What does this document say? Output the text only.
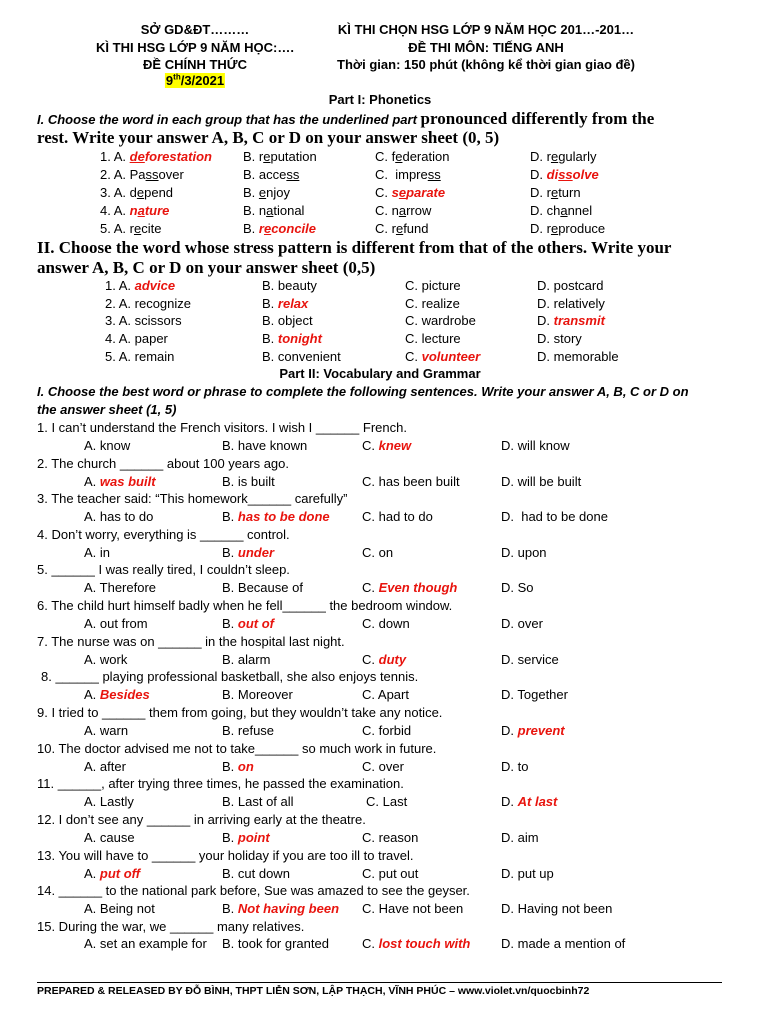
SỞ GD&ĐT………
KÌ THI HSG LỚP 9 NĂM HỌC:….
ĐỀ CHÍNH THỨC
9th/3/2021
KÌ THI CHỌN HSG LỚP 9 NĂM HỌC 201…-201…
ĐỀ THI MÔN: TIẾNG ANH
Thời gian: 150 phút (không kể thời gian giao đề)
Part I: Phonetics
I. Choose the word in each group that has the underlined part pronounced differently from the
rest. Write your answer A, B, C or D on your answer sheet (0, 5)
1. A. deforestation B. reputation	C. federation	D. regularly
2. A. Passover	B. access	C.  impress	D. dissolve
3. A. depend	B. enjoy	C. separate	D. return
4. A. nature	B. national	C. narrow	D. channel
5. A. recite	B. reconcile	C. refund	D. reproduce
II. Choose the word whose stress pattern is different from that of the others. Write your
answer A, B, C or D on your answer sheet (0,5)
1. A. advice	B. beauty	C. picture	D. postcard
2. A. recognize	B. relax	C. realize	D. relatively
3. A. scissors	B. object	C. wardrobe	D. transmit
4. A. paper	B. tonight	C. lecture	D. story
5. A. remain	B. convenient	C. volunteer	D. memorable
Part II: Vocabulary and Grammar
I. Choose the best word or phrase to complete the following sentences. Write your answer A, B, C or D on
the answer sheet (1, 5)
1. I can’t understand the French visitors. I wish I ______ French.
A. know	B. have known	C. knew	D. will know
2. The church ______ about 100 years ago.
A. was built	B. is built	C. has been built	D. will be built
3. The teacher said: “This homework______ carefully”
A. has to do	B. has to be done C. had to do	D.  had to be done
4. Don’t worry, everything is ______ control.
A. in	B. under	C. on	D. upon
5. ______ I was really tired, I couldn’t sleep.
A. Therefore	B. Because of	C. Even though	D. So
6. The child hurt himself badly when he fell______ the bedroom window.
A. out from	B. out of	C. down	D. over
7. The nurse was on ______ in the hospital last night.
A. work	B. alarm	C. duty	D. service
8. ______ playing professional basketball, she also enjoys tennis.
A. Besides	B. Moreover	C. Apart	D. Together
9. I tried to ______ them from going, but they wouldn’t take any notice.
A. warn	B. refuse	C. forbid	D. prevent
10. The doctor advised me not to take______ so much work in future.
A. after	B. on	C. over	D. to
11. ______, after trying three times, he passed the examination.
A. Lastly	B. Last of all	C. Last	D. At last
12. I don’t see any ______ in arriving early at the theatre.
A. cause	B. point	C. reason	D. aim
13. You will have to ______ your holiday if you are too ill to travel.
A. put off	B. cut down	C. put out	D. put up
14. ______ to the national park before, Sue was amazed to see the geyser.
A. Being not	B. Not having been C. Have not been	D. Having not been
15. During the war, we ______ many relatives.
A. set an example for B. took for granted	C. lost touch with D. made a mention of
PREPARED & RELEASED BY ĐỖ BÌNH, THPT LIỄN SƠN, LẬP THẠCH, VĨNH PHÚC – www.violet.vn/quocbinh72
